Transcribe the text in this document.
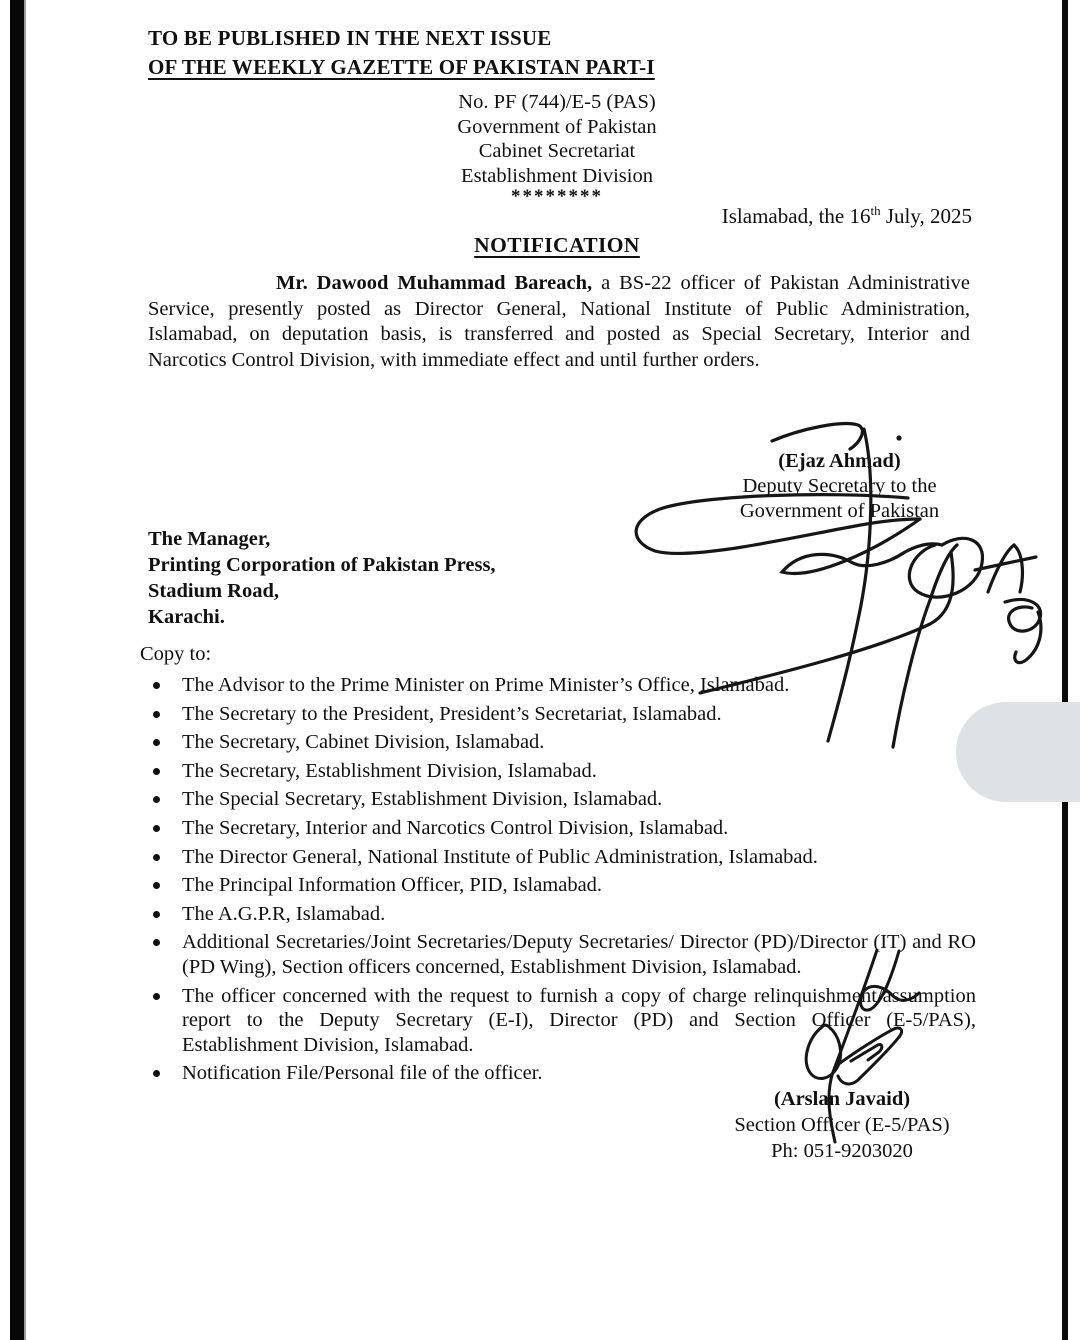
TO BE PUBLISHED IN THE NEXT ISSUE
OF THE WEEKLY GAZETTE OF PAKISTAN PART-I
No. PF (744)/E-5 (PAS)
Government of Pakistan
Cabinet Secretariat
Establishment Division
********
Islamabad, the 16th July, 2025
NOTIFICATION

Mr. Dawood Muhammad Bareach, a BS-22 officer of Pakistan Administrative Service, presently posted as Director General, National Institute of Public Administration, Islamabad, on deputation basis, is transferred and posted as Special Secretary, Interior and Narcotics Control Division, with immediate effect and until further orders.

(Ejaz Ahmad)
Deputy Secretary to the
Government of Pakistan
The Manager,
Printing Corporation of Pakistan Press,
Stadium Road,
Karachi.
Copy to:
The Advisor to the Prime Minister on Prime Minister’s Office, Islamabad.
The Secretary to the President, President’s Secretariat, Islamabad.
The Secretary, Cabinet Division, Islamabad.
The Secretary, Establishment Division, Islamabad.
The Special Secretary, Establishment Division, Islamabad.
The Secretary, Interior and Narcotics Control Division, Islamabad.
The Director General, National Institute of Public Administration, Islamabad.
The Principal Information Officer, PID, Islamabad.
The A.G.P.R, Islamabad.
Additional Secretaries/Joint Secretaries/Deputy Secretaries/ Director (PD)/Director (IT) and RO (PD Wing), Section officers concerned, Establishment Division, Islamabad.
The officer concerned with the request to furnish a copy of charge relinquishment/assumption report to the Deputy Secretary (E-I), Director (PD) and Section Officer (E-5/PAS), Establishment Division, Islamabad.
Notification File/Personal file of the officer.
(Arslan Javaid)
Section Officer (E-5/PAS)
Ph: 051-9203020
